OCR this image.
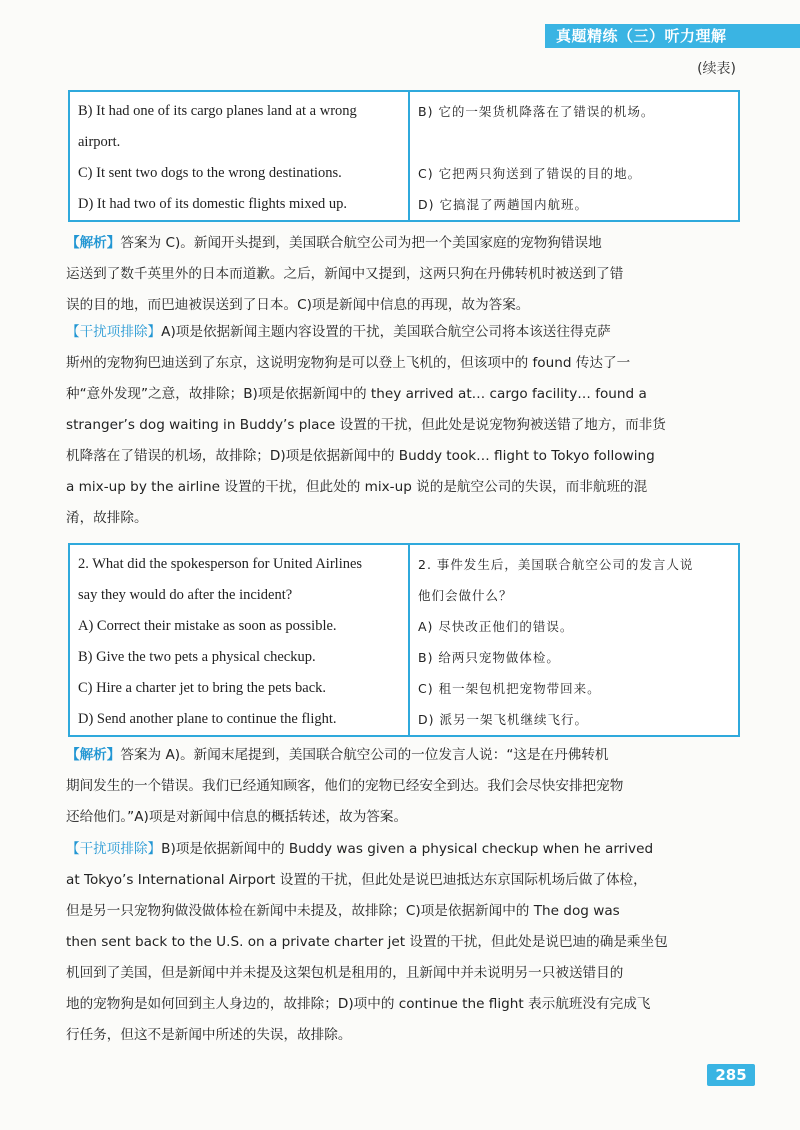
真题精练（三）听力理解
(续表)
B) It had one of its cargo planes land at a wrong
airport.
C) It sent two dogs to the wrong destinations.
D) It had two of its domestic flights mixed up.
B) 它的一架货机降落在了错误的机场。
C) 它把两只狗送到了错误的目的地。
D) 它搞混了两趟国内航班。
【解析】答案为 C)。新闻开头提到，美国联合航空公司为把一个美国家庭的宠物狗错误地
运送到了数千英里外的日本而道歉。之后，新闻中又提到，这两只狗在丹佛转机时被送到了错
误的目的地，而巴迪被误送到了日本。C)项是新闻中信息的再现，故为答案。
【干扰项排除】A)项是依据新闻主题内容设置的干扰，美国联合航空公司将本该送往得克萨
斯州的宠物狗巴迪送到了东京，这说明宠物狗是可以登上飞机的，但该项中的 found 传达了一
种“意外发现”之意，故排除；B)项是依据新闻中的 they arrived at… cargo facility… found a
stranger’s dog waiting in Buddy’s place 设置的干扰，但此处是说宠物狗被送错了地方，而非货
机降落在了错误的机场，故排除；D)项是依据新闻中的 Buddy took… flight to Tokyo following
a mix-up by the airline 设置的干扰，但此处的 mix-up 说的是航空公司的失误，而非航班的混
淆，故排除。
2. What did the spokesperson for United Airlines
say they would do after the incident?
A) Correct their mistake as soon as possible.
B) Give the two pets a physical checkup.
C) Hire a charter jet to bring the pets back.
D) Send another plane to continue the flight.
2. 事件发生后，美国联合航空公司的发言人说
他们会做什么？
A) 尽快改正他们的错误。
B) 给两只宠物做体检。
C) 租一架包机把宠物带回来。
D) 派另一架飞机继续飞行。
【解析】答案为 A)。新闻末尾提到，美国联合航空公司的一位发言人说：“这是在丹佛转机
期间发生的一个错误。我们已经通知顾客，他们的宠物已经安全到达。我们会尽快安排把宠物
还给他们。”A)项是对新闻中信息的概括转述，故为答案。
【干扰项排除】B)项是依据新闻中的 Buddy was given a physical checkup when he arrived
at Tokyo’s International Airport 设置的干扰，但此处是说巴迪抵达东京国际机场后做了体检，
但是另一只宠物狗做没做体检在新闻中未提及，故排除；C)项是依据新闻中的 The dog was
then sent back to the U.S. on a private charter jet 设置的干扰，但此处是说巴迪的确是乘坐包
机回到了美国，但是新闻中并未提及这架包机是租用的，且新闻中并未说明另一只被送错目的
地的宠物狗是如何回到主人身边的，故排除；D)项中的 continue the flight 表示航班没有完成飞
行任务，但这不是新闻中所述的失误，故排除。
285
